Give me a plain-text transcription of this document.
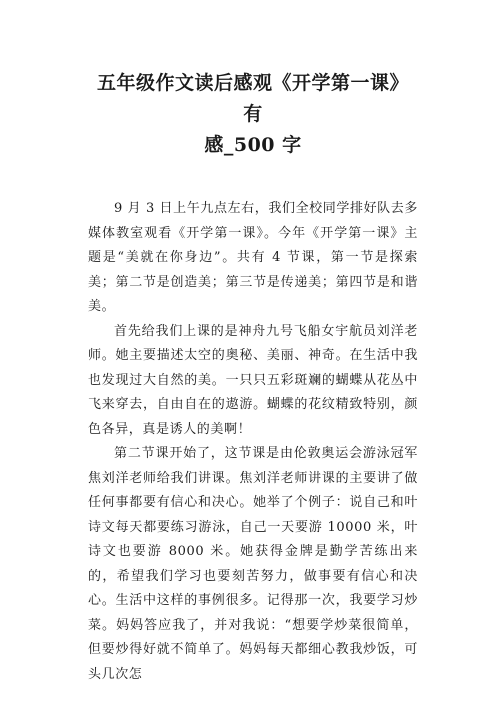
五年级作文读后感观《开学第一课》有
感_500 字

9 月 3 日上午九点左右，我们全校同学排好队去多媒体教室观看《开学第一课》。今年《开学第一课》主题是“美就在你身边”。共有 4 节课，第一节是探索美；第二节是创造美；第三节是传递美；第四节是和谐美。

首先给我们上课的是神舟九号飞船女宇航员刘洋老师。她主要描述太空的奥秘、美丽、神奇。在生活中我也发现过大自然的美。一只只五彩斑斓的蝴蝶从花丛中飞来穿去，自由自在的遨游。蝴蝶的花纹精致特别，颜色各异，真是诱人的美啊！

第二节课开始了，这节课是由伦敦奥运会游泳冠军焦刘洋老师给我们讲课。焦刘洋老师讲课的主要讲了做任何事都要有信心和决心。她举了个例子：说自己和叶诗文每天都要练习游泳，自己一天要游 10000 米，叶诗文也要游 8000 米。她获得金牌是勤学苦练出来的，希望我们学习也要刻苦努力，做事要有信心和决心。生活中这样的事例很多。记得那一次，我要学习炒菜。妈妈答应我了，并对我说：“想要学炒菜很简单，但要炒得好就不简单了。妈妈每天都细心教我炒饭，可头几次怎
